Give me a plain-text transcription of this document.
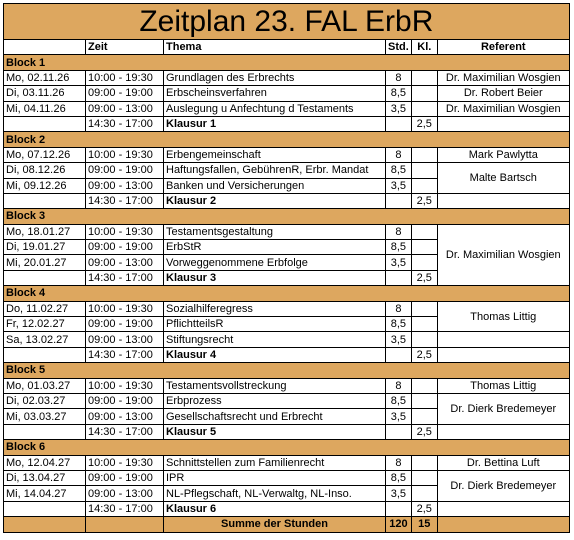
Zeitplan 23. FAL ErbR					
	Zeit	Thema	Std.	Kl.	Referent
Block 1					
Mo, 02.11.26	10:00 - 19:30	Grundlagen des Erbrechts	8		Dr. Maximilian Wosgien
Di, 03.11.26	09:00 - 19:00	Erbscheinsverfahren	8,5		Dr. Robert Beier
Mi, 04.11.26	09:00 - 13:00	Auslegung u Anfechtung d Testaments	3,5		Dr. Maximilian Wosgien
	14:30 - 17:00	Klausur 1		2,5	
Block 2					
Mo, 07.12.26	10:00 - 19:30	Erbengemeinschaft	8		Mark Pawlytta
Di, 08.12.26	09:00 - 19:00	Haftungsfallen, GebührenR, Erbr. Mandat	8,5		Malte Bartsch
Mi, 09.12.26	09:00 - 13:00	Banken und Versicherungen	3,5		
	14:30 - 17:00	Klausur 2		2,5	
Block 3					
Mo, 18.01.27	10:00 - 19:30	Testamentsgestaltung	8		Dr. Maximilian Wosgien
Di, 19.01.27	09:00 - 19:00	ErbStR	8,5		
Mi, 20.01.27	09:00 - 13:00	Vorweggenommene Erbfolge	3,5		
	14:30 - 17:00	Klausur 3		2,5	
Block 4					
Do, 11.02.27	10:00 - 19:30	Sozialhilferegress	8		Thomas Littig
Fr, 12.02.27	09:00 - 19:00	PflichtteilsR	8,5		
Sa, 13.02.27	09:00 - 13:00	Stiftungsrecht	3,5		
	14:30 - 17:00	Klausur 4		2,5	
Block 5					
Mo, 01.03.27	10:00 - 19:30	Testamentsvollstreckung	8		Thomas Littig
Di, 02.03.27	09:00 - 19:00	Erbprozess	8,5		Dr. Dierk Bredemeyer
Mi, 03.03.27	09:00 - 13:00	Gesellschaftsrecht und Erbrecht	3,5		
	14:30 - 17:00	Klausur 5		2,5	
Block 6					
Mo, 12.04.27	10:00 - 19:30	Schnittstellen zum Familienrecht	8		Dr. Bettina Luft
Di, 13.04.27	09:00 - 19:00	IPR	8,5		Dr. Dierk Bredemeyer
Mi, 14.04.27	09:00 - 13:00	NL-Pflegschaft, NL-Verwaltg, NL-Inso.	3,5		
	14:30 - 17:00	Klausur 6		2,5	
		Summe der Stunden	120	15	
